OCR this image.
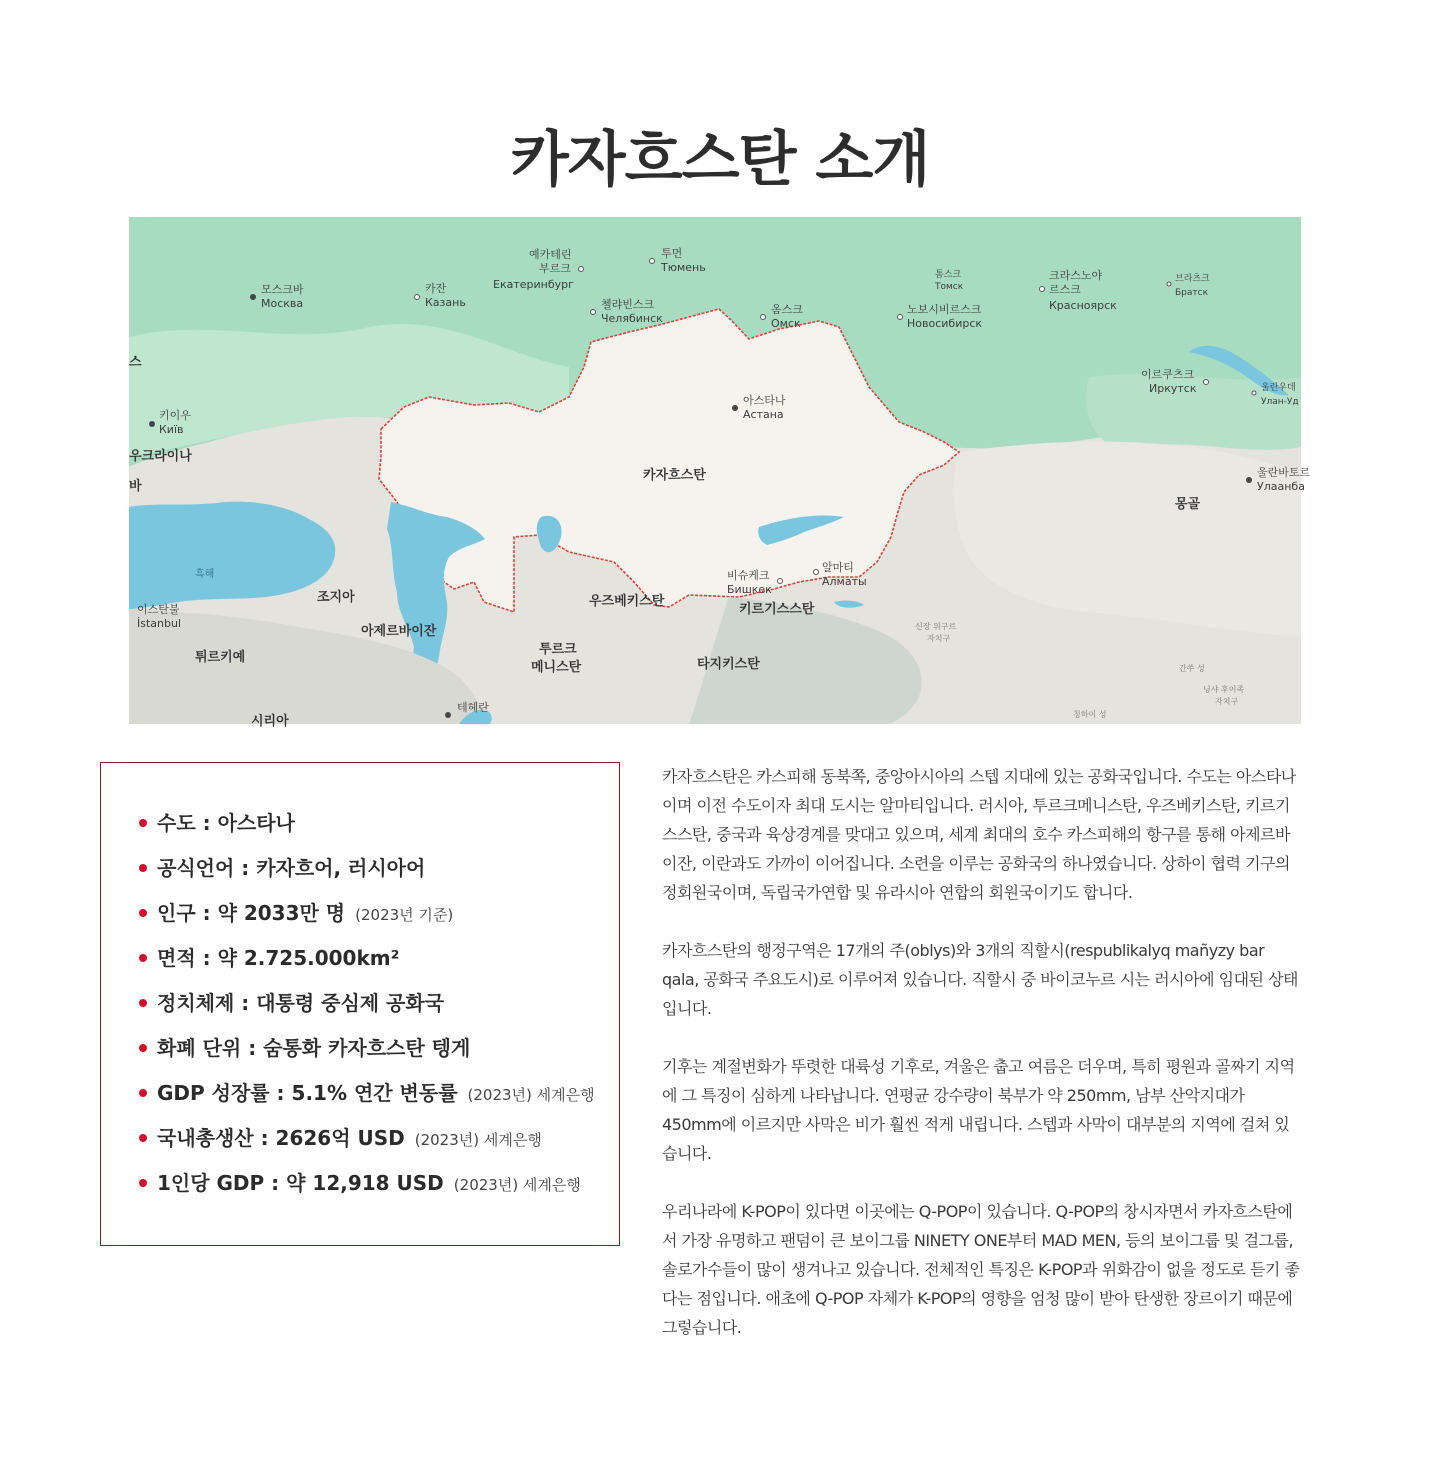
카자흐스탄 소개
모스크바
Москва
카잔
Казань
예카테린
부르크
Екатеринбург
투먼
Тюмень
첼랴빈스크
Челябинск
옴스크
Омск
톰스크
Томск
노보시비르스크
Новосибирск
크라스노야
르스크
Красноярск
브라츠크
Братск
이르쿠츠크
Иркутск	울란우데
Улан-Уд
울란바토르
Улаанба
키이우
Київ
우크라이나
스
바
아스타나
Астана
카자흐스탄
몽골
흑해
이스탄불
İstanbul
조지아
아제르바이잔
튀르키예
시리아
테헤란
투르크
메니스탄
우즈베키스탄
비슈케크
Бишкек
알마티
Алматы
키르기스스탄
타지키스탄
신장 위구르
자치구
간쑤 성
닝샤 후이족
자치구
칭하이 성
수도 : 아스타나
공식언어 : 카자흐어, 러시아어
인구 : 약 2033만 명 (2023년 기준)
면적 : 약 2.725.000km²
정치체제 : 대통령 중심제 공화국
화폐 단위 : 숨통화 카자흐스탄 텡게
GDP 성장률 : 5.1% 연간 변동률 (2023년) 세계은행
국내총생산 : 2626억 USD (2023년) 세계은행
1인당 GDP : 약 12,918 USD (2023년) 세계은행

카자흐스탄은 카스피해 동북쪽, 중앙아시아의 스텝 지대에 있는 공화국입니다. 수도는 아스타나이며 이전 수도이자 최대 도시는 알마티입니다. 러시아, 투르크메니스탄, 우즈베키스탄, 키르기스스탄, 중국과 육상경계를 맞대고 있으며, 세계 최대의 호수 카스피해의 항구를 통해 아제르바이잔, 이란과도 가까이 이어집니다. 소련을 이루는 공화국의 하나였습니다. 상하이 협력 기구의 정회원국이며, 독립국가연합 및 유라시아 연합의 회원국이기도 합니다.

카자흐스탄의 행정구역은 17개의 주(oblys)와 3개의 직할시(respublikalyq mañyzy bar qala, 공화국 주요도시)로 이루어져 있습니다. 직할시 중 바이코누르 시는 러시아에 임대된 상태입니다.

기후는 계절변화가 뚜렷한 대륙성 기후로, 겨울은 춥고 여름은 더우며, 특히 평원과 골짜기 지역에 그 특징이 심하게 나타납니다. 연평균 강수량이 북부가 약 250mm, 남부 산악지대가 450mm에 이르지만 사막은 비가 훨씬 적게 내립니다. 스텝과 사막이 대부분의 지역에 걸쳐 있습니다.

우리나라에 K-POP이 있다면 이곳에는 Q-POP이 있습니다. Q-POP의 창시자면서 카자흐스탄에서 가장 유명하고 팬덤이 큰 보이그룹 NINETY ONE부터 MAD MEN, 등의 보이그룹 및 걸그룹, 솔로가수들이 많이 생겨나고 있습니다. 전체적인 특징은 K-POP과 위화감이 없을 정도로 듣기 좋다는 점입니다. 애초에 Q-POP 자체가 K-POP의 영향을 엄청 많이 받아 탄생한 장르이기 때문에 그렇습니다.
